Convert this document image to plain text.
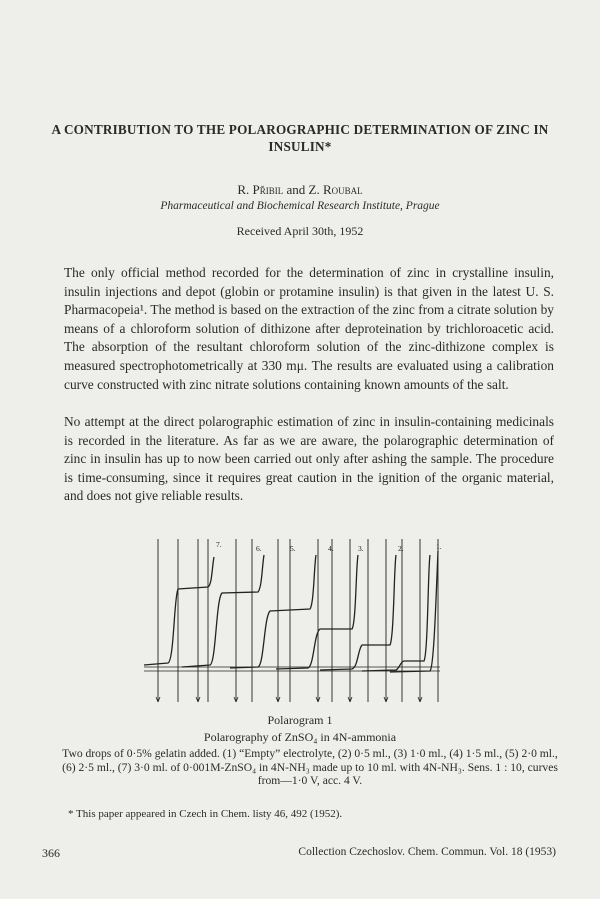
A CONTRIBUTION TO THE POLAROGRAPHIC DETERMINATION OF ZINC IN INSULIN*
R. Přibil and Z. Roubal
Pharmaceutical and Biochemical Research Institute, Prague
Received April 30th, 1952

The only official method recorded for the determination of zinc in crystalline insulin, insulin injections and depot (globin or protamine insulin) is that given in the latest U. S. Pharmacopeia¹. The method is based on the extraction of the zinc from a citrate solution by means of a chloroform solution of dithizone after deproteination by trichloroacetic acid. The absorption of the resultant chloroform solution of the zinc-dithizone complex is measured spectrophotometrically at 330 mμ. The results are evaluated using a calibration curve constructed with zinc nitrate solutions containing known amounts of the salt.

No attempt at the direct polarographic estimation of zinc in insulin-containing medicinals is recorded in the literature. As far as we are aware, the polarographic determination of zinc in insulin has up to now been carried out only after ashing the sample. The procedure is time-consuming, since it requires great caution in the ignition of the organic material, and does not give reliable results.

7.	6.	5.	4.	3.	2.	1.
Polarogram 1
Polarography of ZnSO₄ in 4N-ammonia
Two drops of 0·5% gelatin added. (1) “Empty” electrolyte, (2) 0·5 ml., (3) 1·0 ml., (4) 1·5 ml., (5) 2·0 ml., (6) 2·5 ml., (7) 3·0 ml. of 0·001M-ZnSO₄ in 4N-NH₃ made up to 10 ml. with 4N-NH₃. Sens. 1 : 10, curves from—1·0 V, acc. 4 V.
* This paper appeared in Czech in Chem. listy 46, 492 (1952).
366	Collection Czechoslov. Chem. Commun. Vol. 18 (1953)
